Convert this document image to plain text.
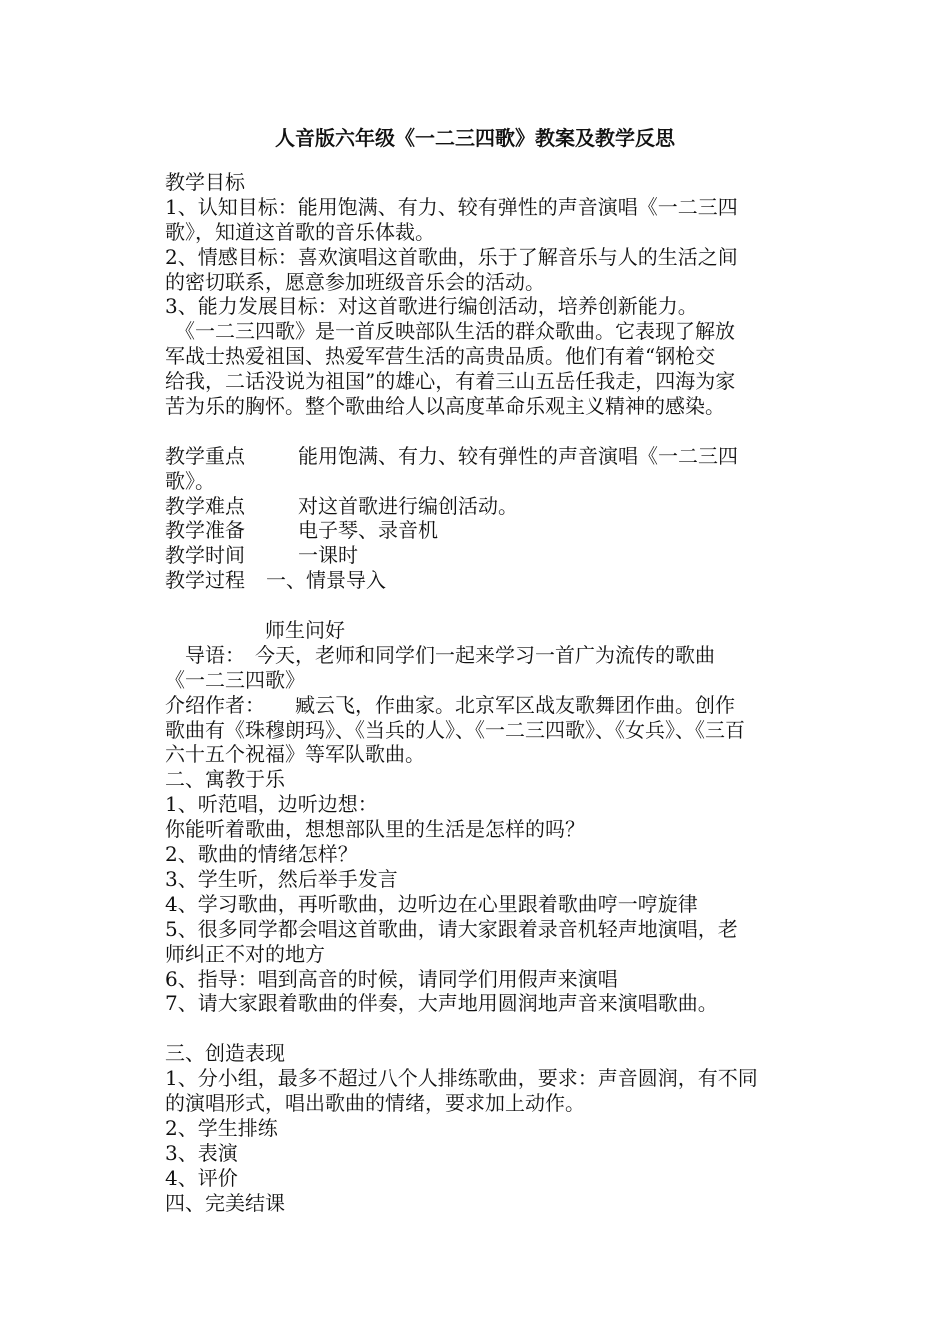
人音版六年级《一二三四歌》教案及教学反思
教学目标
1、认知目标：能用饱满、有力、较有弹性的声音演唱《一二三四
歌》，知道这首歌的音乐体裁。
2、情感目标：喜欢演唱这首歌曲，乐于了解音乐与人的生活之间
的密切联系，愿意参加班级音乐会的活动。
3、能力发展目标：对这首歌进行编创活动，培养创新能力。
　《一二三四歌》是一首反映部队生活的群众歌曲。它表现了解放
军战士热爱祖国、热爱军营生活的高贵品质。他们有着“钢枪交
给我，二话没说为祖国”的雄心，有着三山五岳任我走，四海为家
苦为乐的胸怀。整个歌曲给人以高度革命乐观主义精神的感染。
教学重点	能用饱满、有力、较有弹性的声音演唱《一二三四
歌》。
教学难点	对这首歌进行编创活动。
教学准备	电子琴、录音机
教学时间	一课时
教学过程	一、情景导入
　　　　　师生问好
　导语：　今天，老师和同学们一起来学习一首广为流传的歌曲
《一二三四歌》
介绍作者：　　臧云飞，作曲家。北京军区战友歌舞团作曲。创作
歌曲有《珠穆朗玛》、《当兵的人》、《一二三四歌》、《女兵》、《三百
六十五个祝福》等军队歌曲。
二、寓教于乐
1、听范唱，边听边想：
你能听着歌曲，想想部队里的生活是怎样的吗？
2、歌曲的情绪怎样？
3、学生听，然后举手发言
4、学习歌曲，再听歌曲，边听边在心里跟着歌曲哼一哼旋律
5、很多同学都会唱这首歌曲，请大家跟着录音机轻声地演唱，老
师纠正不对的地方
6、指导：唱到高音的时候，请同学们用假声来演唱
7、请大家跟着歌曲的伴奏，大声地用圆润地声音来演唱歌曲。
三、创造表现
1、分小组，最多不超过八个人排练歌曲，要求：声音圆润，有不同
的演唱形式，唱出歌曲的情绪，要求加上动作。
2、学生排练
3、表演
4、评价
四、完美结课
